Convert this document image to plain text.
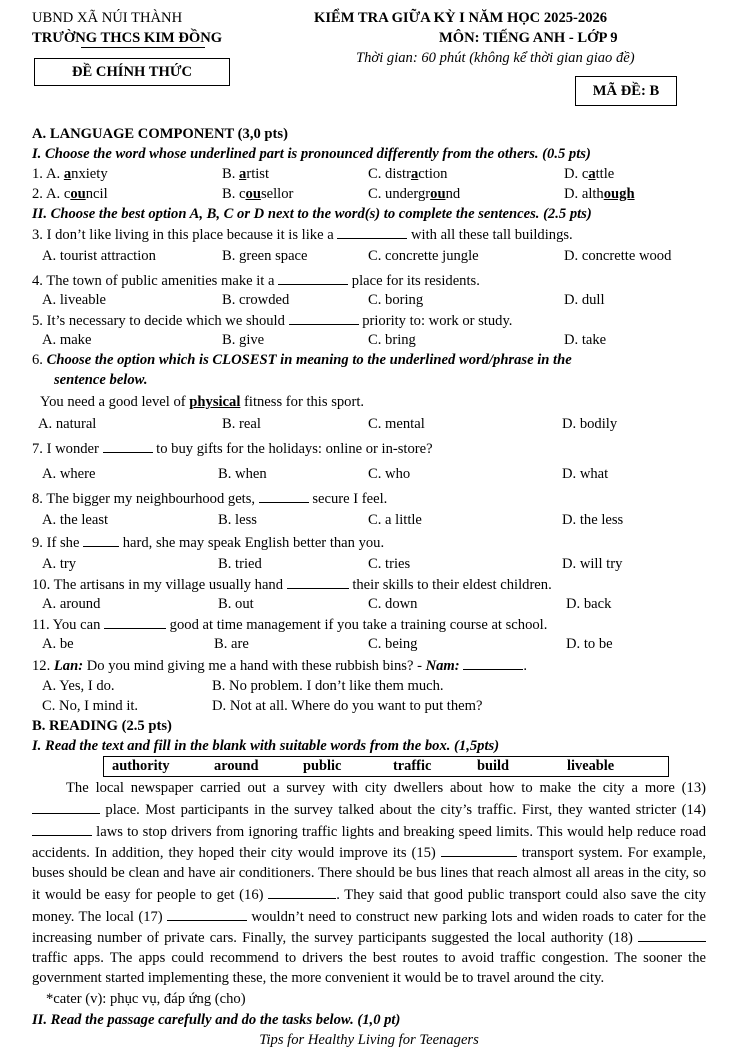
UBND XÃ NÚI THÀNH
TRƯỜNG THCS KIM ĐỒNG
KIỂM TRA GIỮA KỲ I NĂM HỌC 2025-2026
MÔN: TIẾNG ANH - LỚP 9
Thời gian: 60 phút (không kể thời gian giao đề)
ĐỀ CHÍNH THỨC
MÃ ĐỀ: B
A. LANGUAGE COMPONENT (3,0 pts)
I. Choose the word whose underlined part is pronounced differently from the others. (0.5 pts)
1. A. anxiety	B. artist	C. distraction	D. cattle
2. A. council	B. cousellor	C. underground	D. although
II. Choose the best option A, B, C or D next to the word(s) to complete the sentences. (2.5 pts)
3. I don’t like living in this place because it is like a	with all these tall buildings.
A. tourist attraction	B. green space	C. concrette jungle	D. concrette wood
4. The town of public amenities make it a	place for its residents.
A. liveable	B. crowded	C. boring	D. dull
5. It’s necessary to decide which we should	priority to: work or study.
A. make	B. give	C. bring	D. take
6. Choose the option which is CLOSEST in meaning to the underlined word/phrase in the
sentence below.
You need a good level of physical fitness for this sport.
A. natural	B. real	C. mental	D. bodily
7. I wonder	to buy gifts for the holidays: online or in-store?
A. where	B. when	C. who	D. what
8. The bigger my neighbourhood gets,	secure I feel.
A. the least	B. less	C. a little	D. the less
9. If she  hard, she may speak English better than you.
A. try	B. tried	C. tries	D. will try
10. The artisans in my village usually hand	their skills to their eldest children.
A. around	B. out	C. down	D. back
11. You can	good at time management if you take a training course at school.
A. be	B. are	C. being	D. to be
12. Lan: Do you mind giving me a hand with these rubbish bins? - Nam:	.
A. Yes, I do.	B. No problem. I don’t like them much.
C. No, I mind it.	D. Not at all. Where do you want to put them?
B. READING (2.5 pts)
I. Read the text and fill in the blank with suitable words from the box. (1,5pts)
authority	around	public	traffic	build	liveable

The local newspaper carried out a survey with city dwellers about how to make the city a more (13) place. Most participants in the survey talked about the city’s traffic. First, they wanted stricter (14) laws to stop drivers from ignoring traffic lights and breaking speed limits. This would help reduce road accidents. In addition, they hoped their city would improve its (15)	transport system. For example, buses should be clean and have air conditioners. There should be bus lines that reach almost all areas in the city, so it would be easy for people to get (16)	. They said that good public transport could also save the city money. The local (17)	wouldn’t need to construct new parking lots and widen roads to cater for the increasing number of private cars. Finally, the survey participants suggested the local authority (18)  traffic apps. The apps could recommend to drivers the best routes to avoid traffic congestion. The sooner the government started implementing these, the more convenient it would be to travel around the city.

*cater (v): phục vụ, đáp ứng (cho)
II. Read the passage carefully and do the tasks below. (1,0 pt)
Tips for Healthy Living for Teenagers
